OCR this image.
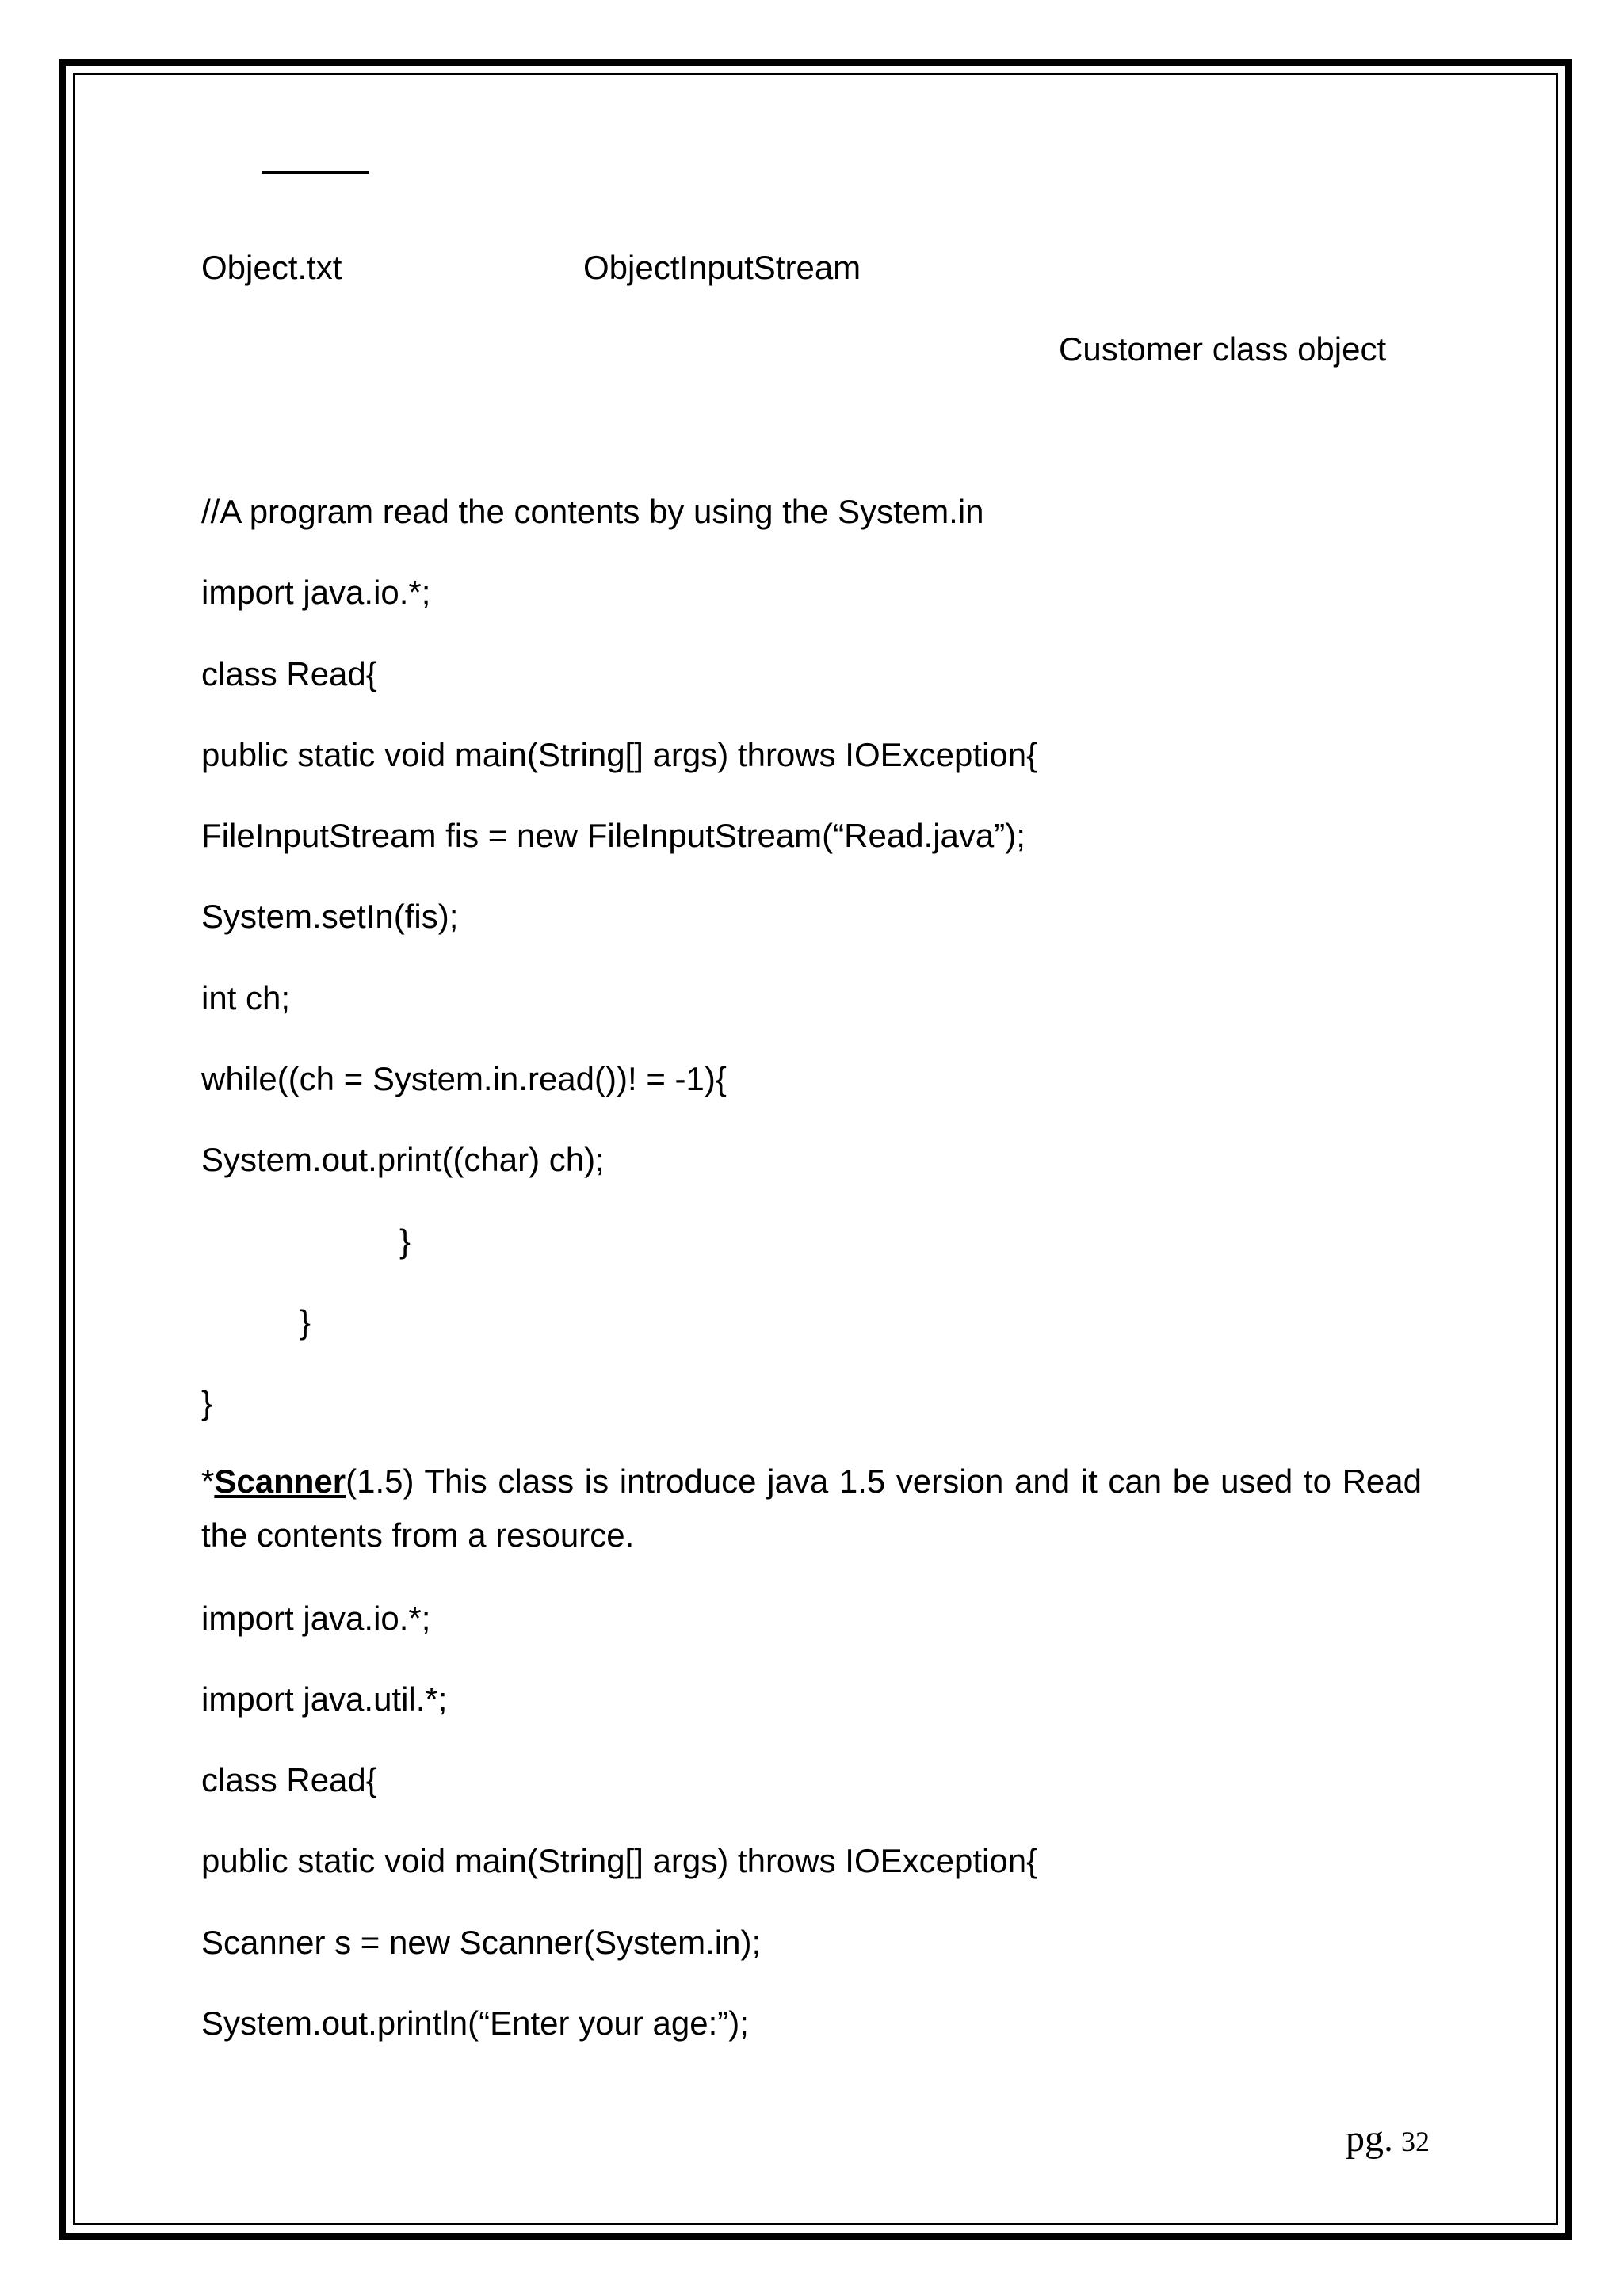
Object.txt	ObjectInputStream
Customer class object
//A program read the contents by using the System.in
import java.io.*;
class Read{
public static void main(String[] args) throws IOException{
FileInputStream fis = new FileInputStream(“Read.java”);
System.setIn(fis);
int ch;
while((ch = System.in.read())! = -1){
System.out.print((char) ch);
}
}
}
*Scanner(1.5) This class is introduce java 1.5 version and it can be used to Read the contents from a resource.
import java.io.*;
import java.util.*;
class Read{
public static void main(String[] args) throws IOException{
Scanner s = new Scanner(System.in);
System.out.println(“Enter your age:”);
pg. 32
